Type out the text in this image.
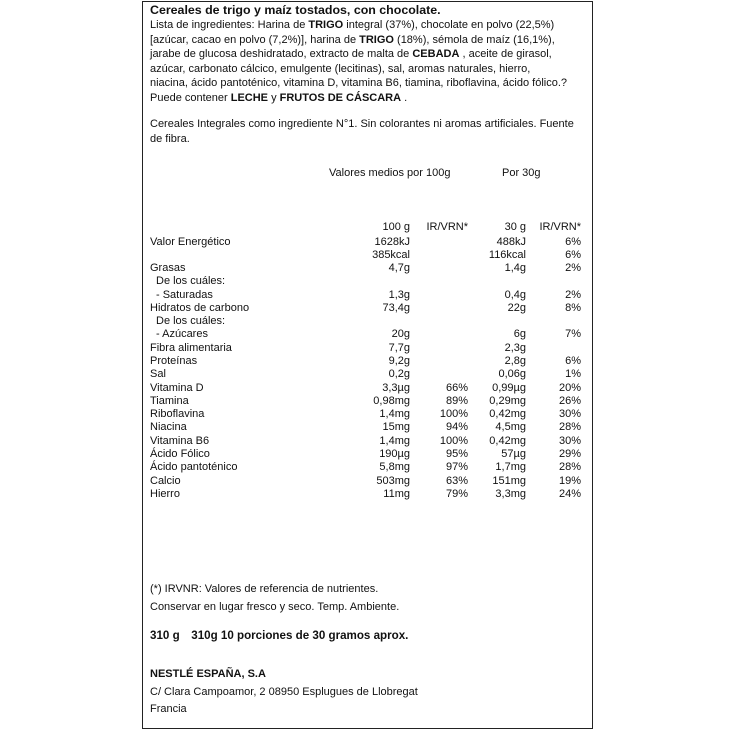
Cereales de trigo y maíz tostados, con chocolate.
Lista de ingredientes: Harina de TRIGO integral (37%), chocolate en polvo (22,5%) [azúcar, cacao en polvo (7,2%)], harina de TRIGO (18%), sémola de maíz (16,1%), jarabe de glucosa deshidratado, extracto de malta de CEBADA , aceite de girasol, azúcar, carbonato cálcico, emulgente (lecitinas), sal, aromas naturales, hierro, niacina, ácido pantoténico, vitamina D, vitamina B6, tiamina, riboflavina, ácido fólico.?Puede contener LECHE y FRUTOS DE CÁSCARA .
Cereales Integrales como ingrediente N°1. Sin colorantes ni aromas artificiales. Fuente de fibra.
Valores medios por 100g	Por 30g
100 g IR/VRN*	30 g IR/VRN*
Valor Energético	1628kJ	488kJ	6%
385kcal	116kcal	6%
Grasas	4,7g	1,4g	2%
De los cuáles:
- Saturadas	1,3g	0,4g	2%
Hidratos de carbono	73,4g	22g	8%
De los cuáles:
- Azúcares	20g	6g	7%
Fibra alimentaria	7,7g	2,3g
Proteínas	9,2g	2,8g	6%
Sal	0,2g	0,06g	1%
Vitamina D	3,3µg	66% 0,99µg	20%
Tiamina	0,98mg	89% 0,29mg	26%
Riboflavina	1,4mg	100% 0,42mg	30%
Niacina	15mg	94% 4,5mg	28%
Vitamina B6	1,4mg	100% 0,42mg	30%
Ácido Fólico	190µg	95%	57µg	29%
Ácido pantoténico	5,8mg	97% 1,7mg	28%
Calcio	503mg	63% 151mg	19%
Hierro	11mg	79% 3,3mg	24%
(*) IRVNR: Valores de referencia de nutrientes.
Conservar en lugar fresco y seco. Temp. Ambiente.
310 g 310g 10 porciones de 30 gramos aprox.
NESTLÉ ESPAÑA, S.A
C/ Clara Campoamor, 2 08950 Esplugues de Llobregat
Francia
